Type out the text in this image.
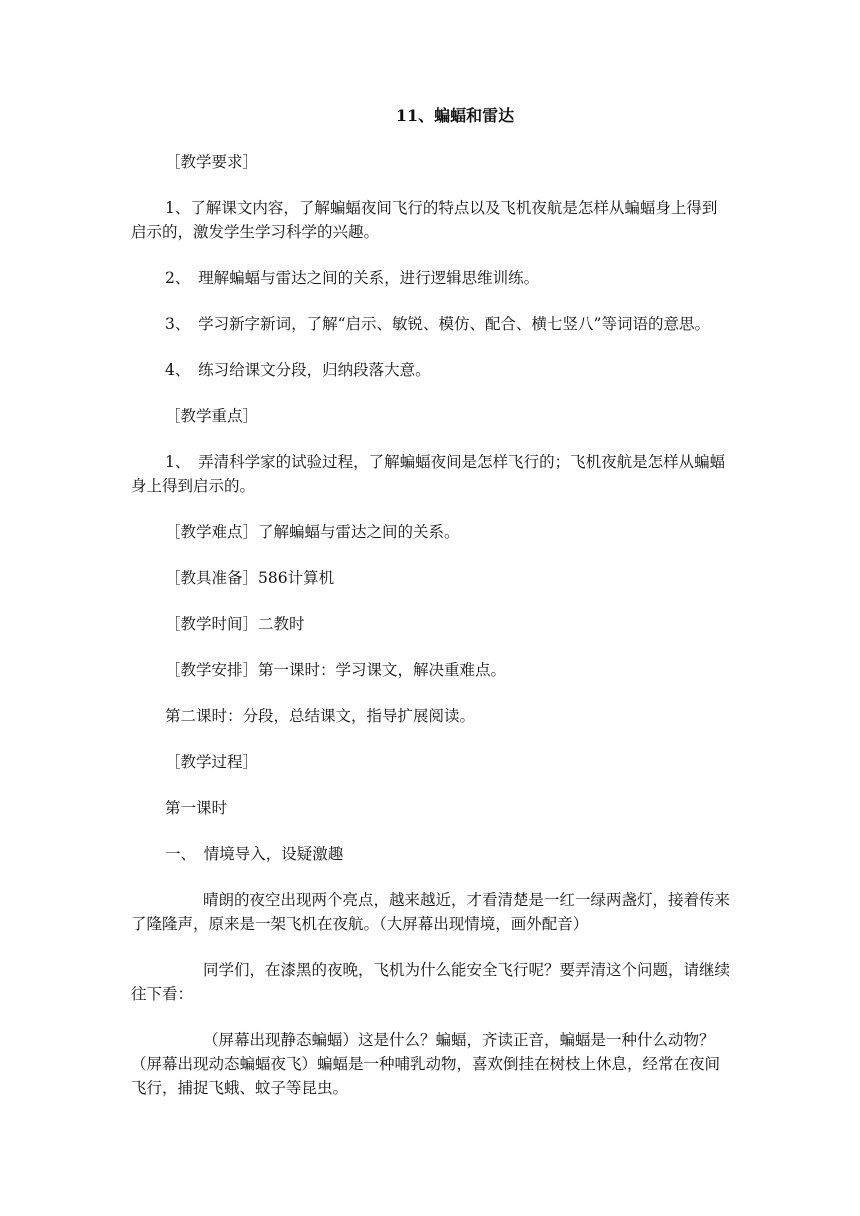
11、蝙蝠和雷达
［教学要求］
1、了解课文内容，了解蝙蝠夜间飞行的特点以及飞机夜航是怎样从蝙蝠身上得到启示的，激发学生学习科学的兴趣。
2、　理解蝙蝠与雷达之间的关系，进行逻辑思维训练。
3、　学习新字新词，了解“启示、敏锐、模仿、配合、横七竖八”等词语的意思。
4、　练习给课文分段，归纳段落大意。
［教学重点］
1、　弄清科学家的试验过程，了解蝙蝠夜间是怎样飞行的；飞机夜航是怎样从蝙蝠身上得到启示的。
［教学难点］了解蝙蝠与雷达之间的关系。
［教具准备］586计算机
［教学时间］二教时
［教学安排］第一课时：学习课文，解决重难点。
第二课时：分段，总结课文，指导扩展阅读。
［教学过程］
第一课时
一、　情境导入，设疑激趣
晴朗的夜空出现两个亮点，越来越近，才看清楚是一红一绿两盏灯，接着传来了隆隆声，原来是一架飞机在夜航。（大屏幕出现情境，画外配音）
同学们，在漆黑的夜晚，飞机为什么能安全飞行呢？要弄清这个问题，请继续往下看：
（屏幕出现静态蝙蝠）这是什么？蝙蝠，齐读正音，蝙蝠是一种什么动物？（屏幕出现动态蝙蝠夜飞）蝙蝠是一种哺乳动物，喜欢倒挂在树枝上休息，经常在夜间飞行，捕捉飞蛾、蚊子等昆虫。
